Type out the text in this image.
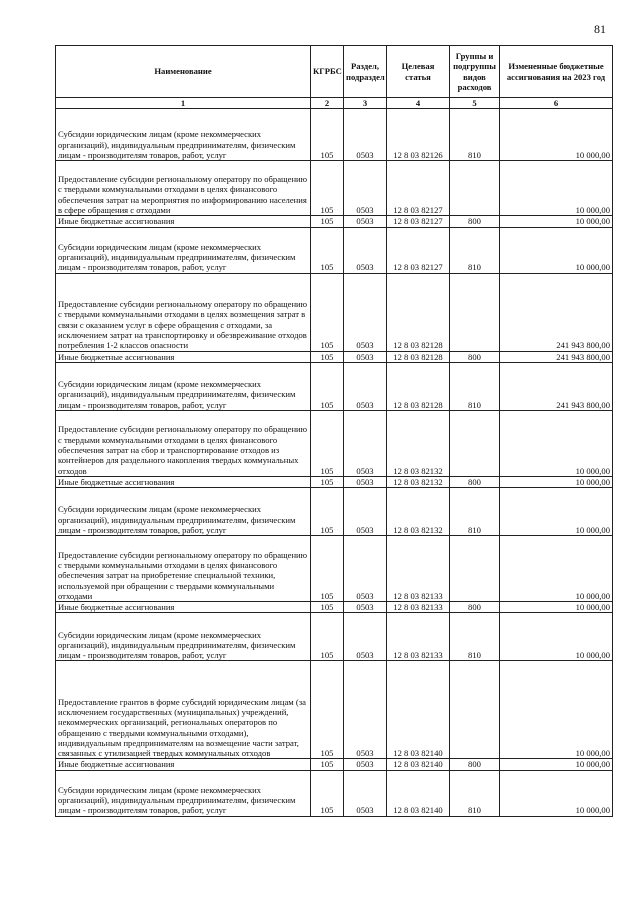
81
Наименование	КГРБС	Раздел, подраздел	Целевая статья	Группы и подгруппы видов расходов	Измененные бюджетные ассигнования на 2023 год
1	2	3	4	5	6
Субсидии юридическим лицам (кроме некоммерческих организаций), индивидуальным предпринимателям, физическим лицам - производителям товаров, работ, услуг	105	0503	12 8 03 82126	810	10 000,00
Предоставление субсидии региональному оператору по обращению с твердыми коммунальными отходами в целях финансового обеспечения затрат на мероприятия по информированию населения в сфере обращения с отходами	105	0503	12 8 03 82127		10 000,00
Иные бюджетные ассигнования	105	0503	12 8 03 82127	800	10 000,00
Субсидии юридическим лицам (кроме некоммерческих организаций), индивидуальным предпринимателям, физическим лицам - производителям товаров, работ, услуг	105	0503	12 8 03 82127	810	10 000,00
Предоставление субсидии региональному оператору по обращению с твердыми коммунальными отходами в целях возмещения затрат в связи с оказанием услуг в сфере обращения с отходами, за исключением затрат на транспортировку и обезвреживание отходов потребления 1-2 классов опасности	105	0503	12 8 03 82128		241 943 800,00
Иные бюджетные ассигнования	105	0503	12 8 03 82128	800	241 943 800,00
Субсидии юридическим лицам (кроме некоммерческих организаций), индивидуальным предпринимателям, физическим лицам - производителям товаров, работ, услуг	105	0503	12 8 03 82128	810	241 943 800,00
Предоставление субсидии региональному оператору по обращению с твердыми коммунальными отходами в целях финансового обеспечения затрат на сбор и транспортирование отходов из контейнеров для раздельного накопления твердых коммунальных отходов	105	0503	12 8 03 82132		10 000,00
Иные бюджетные ассигнования	105	0503	12 8 03 82132	800	10 000,00
Субсидии юридическим лицам (кроме некоммерческих организаций), индивидуальным предпринимателям, физическим лицам - производителям товаров, работ, услуг	105	0503	12 8 03 82132	810	10 000,00
Предоставление субсидии региональному оператору по обращению с твердыми коммунальными отходами в целях финансового обеспечения затрат на приобретение специальной техники, используемой при обращении с твердыми коммунальными отходами	105	0503	12 8 03 82133		10 000,00
Иные бюджетные ассигнования	105	0503	12 8 03 82133	800	10 000,00
Субсидии юридическим лицам (кроме некоммерческих организаций), индивидуальным предпринимателям, физическим лицам - производителям товаров, работ, услуг	105	0503	12 8 03 82133	810	10 000,00
Предоставление грантов в форме субсидий юридическим лицам (за исключением государственных (муниципальных) учреждений, некоммерческих организаций, региональных операторов по обращению с твердыми коммунальными отходами), индивидуальным предпринимателям на возмещение части затрат, связанных с утилизацией твердых коммунальных отходов	105	0503	12 8 03 82140		10 000,00
Иные бюджетные ассигнования	105	0503	12 8 03 82140	800	10 000,00
Субсидии юридическим лицам (кроме некоммерческих организаций), индивидуальным предпринимателям, физическим лицам - производителям товаров, работ, услуг	105	0503	12 8 03 82140	810	10 000,00
